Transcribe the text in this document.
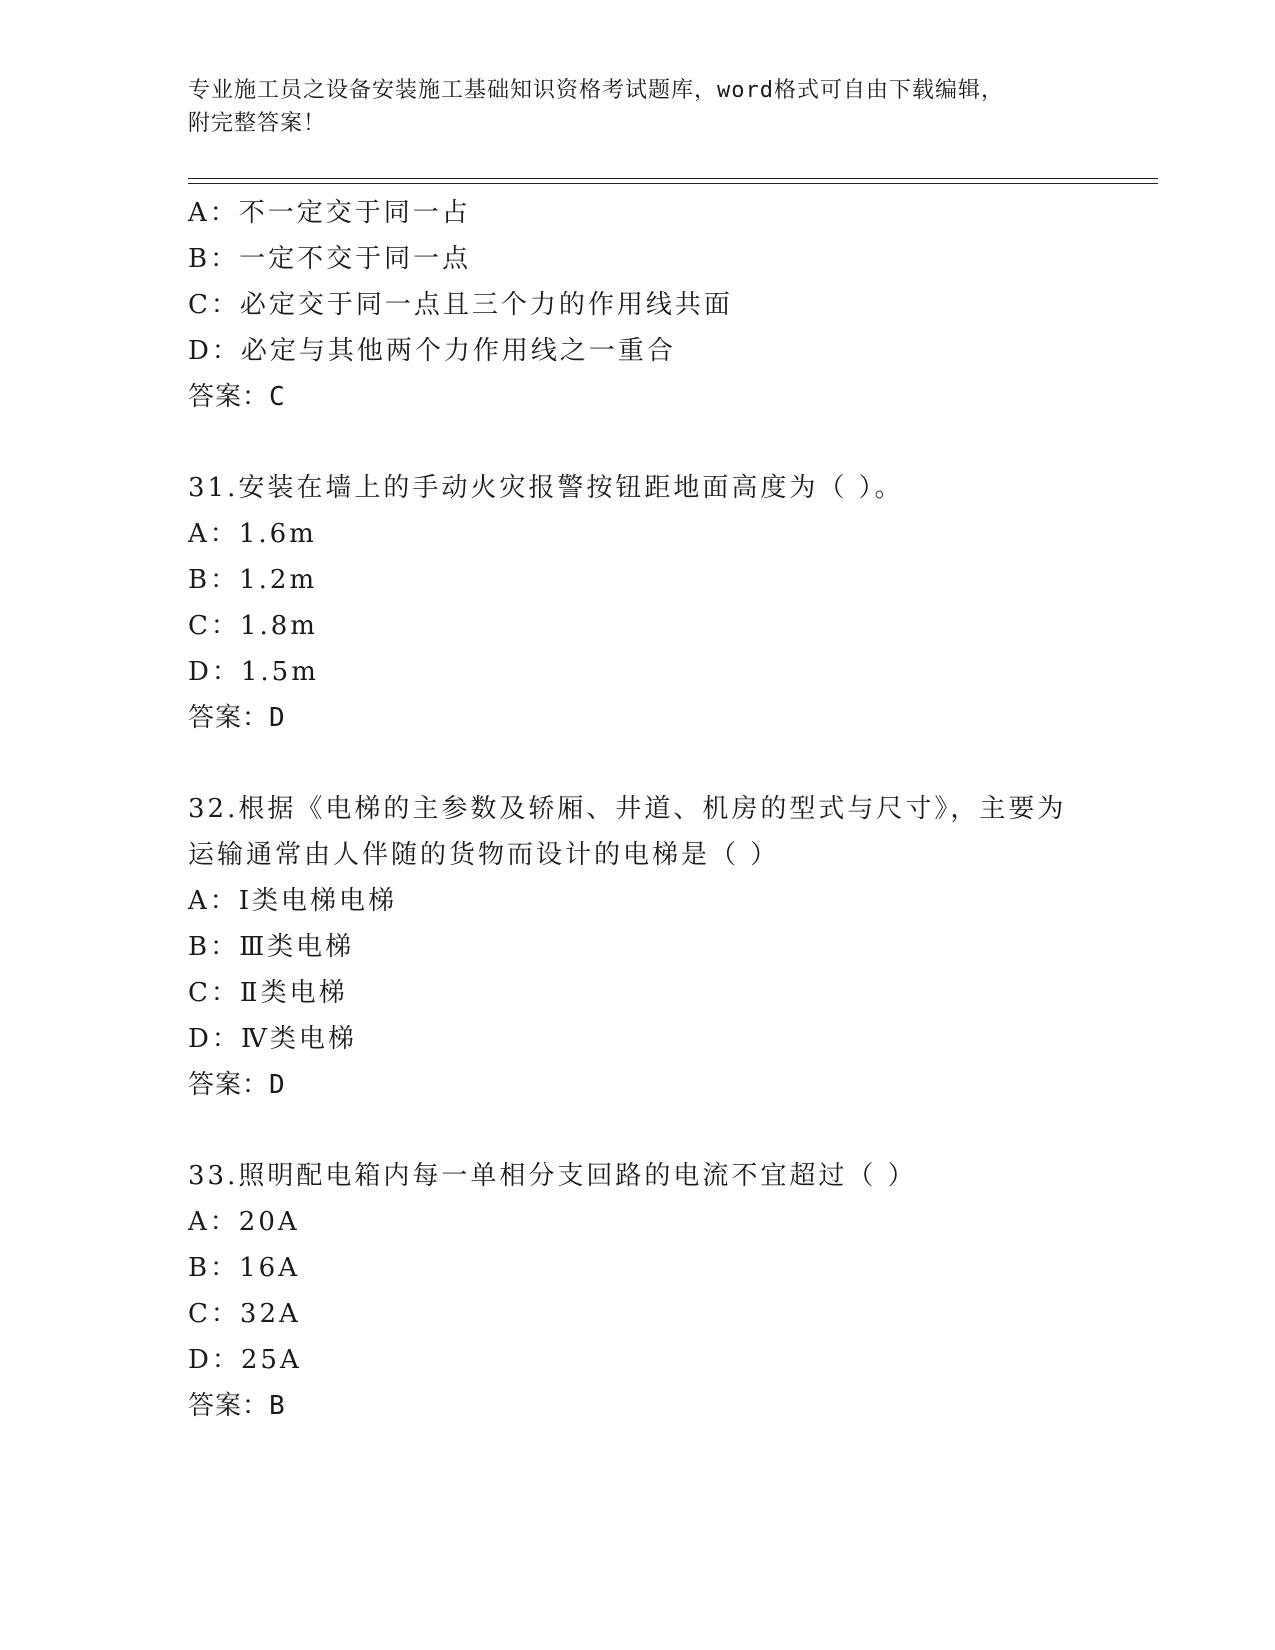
专业施工员之设备安装施工基础知识资格考试题库，word格式可自由下载编辑，
附完整答案！
A：不一定交于同一占
B：一定不交于同一点
C：必定交于同一点且三个力的作用线共面
D：必定与其他两个力作用线之一重合
答案：C
31.安装在墙上的手动火灾报警按钮距地面高度为（ ）。
A：1.6m
B：1.2m
C：1.8m
D：1.5m
答案：D
32.根据《电梯的主参数及轿厢、井道、机房的型式与尺寸》，主要为
运输通常由人伴随的货物而设计的电梯是（ ）
A：Ⅰ类电梯电梯
B：Ⅲ类电梯
C：Ⅱ类电梯
D：Ⅳ类电梯
答案：D
33.照明配电箱内每一单相分支回路的电流不宜超过（ ）
A：20A
B：16A
C：32A
D：25A
答案：B
